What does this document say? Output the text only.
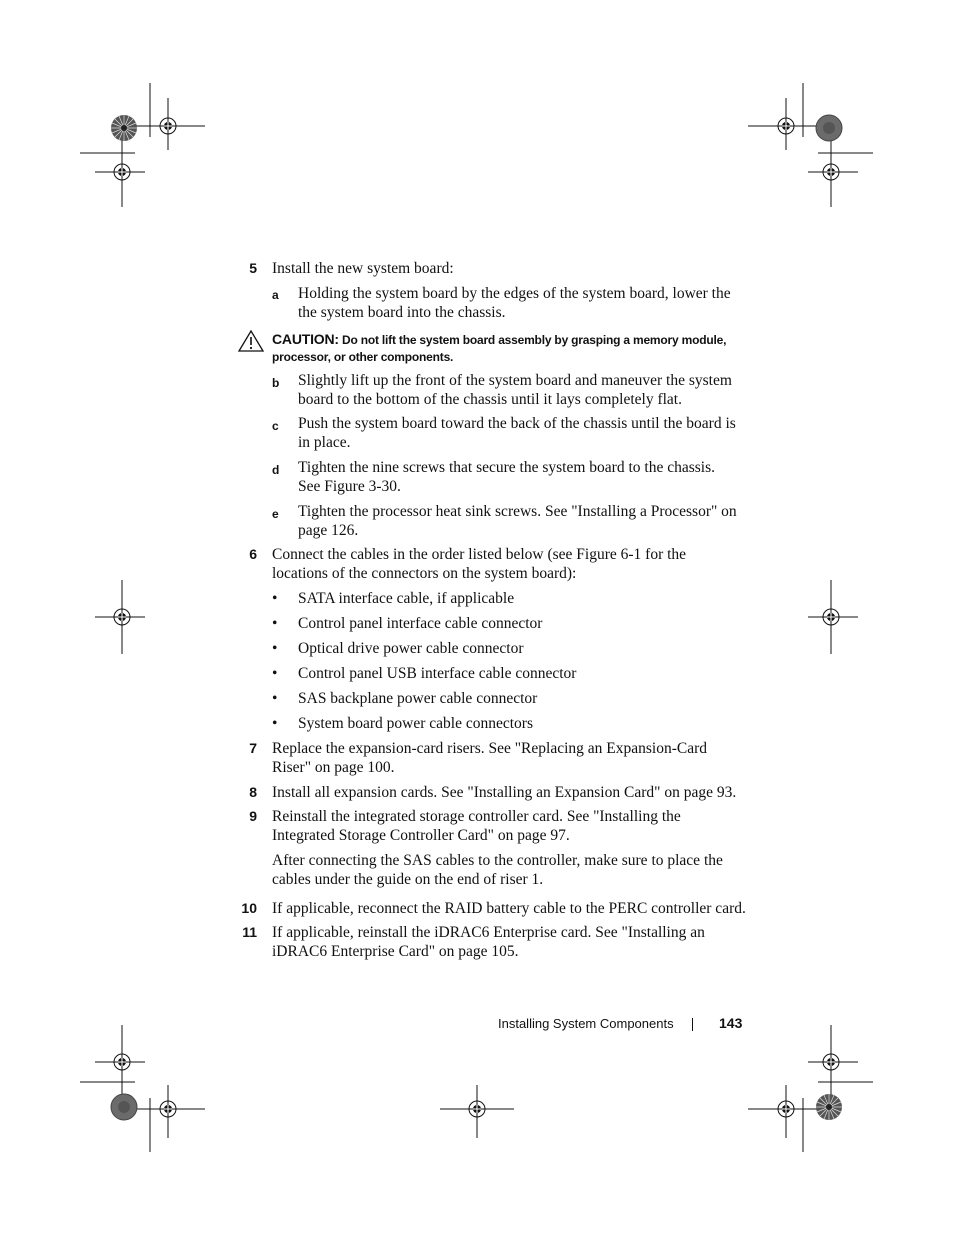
5 Install the new system board:
a Holding the system board by the edges of the system board, lower the
the system board into the chassis.
CAUTION: Do not lift the system board assembly by grasping a memory module, processor, or other components.
b Slightly lift up the front of the system board and maneuver the system
board to the bottom of the chassis until it lays completely flat.
c Push the system board toward the back of the chassis until the board is
in place.
d Tighten the nine screws that secure the system board to the chassis.
See Figure 3-30.
e Tighten the processor heat sink screws. See "Installing a Processor" on
page 126.
6 Connect the cables in the order listed below (see Figure 6-1 for the
locations of the connectors on the system board):
• SATA interface cable, if applicable
• Control panel interface cable connector
• Optical drive power cable connector
• Control panel USB interface cable connector
• SAS backplane power cable connector
• System board power cable connectors
7 Replace the expansion-card risers. See "Replacing an Expansion-Card
Riser" on page 100.
8 Install all expansion cards. See "Installing an Expansion Card" on page 93.
9 Reinstall the integrated storage controller card. See "Installing the
Integrated Storage Controller Card" on page 97.
After connecting the SAS cables to the controller, make sure to place the
cables under the guide on the end of riser 1.
10 If applicable, reconnect the RAID battery cable to the PERC controller card.
11 If applicable, reinstall the iDRAC6 Enterprise card. See "Installing an
iDRAC6 Enterprise Card" on page 105.
Installing System Components	143
